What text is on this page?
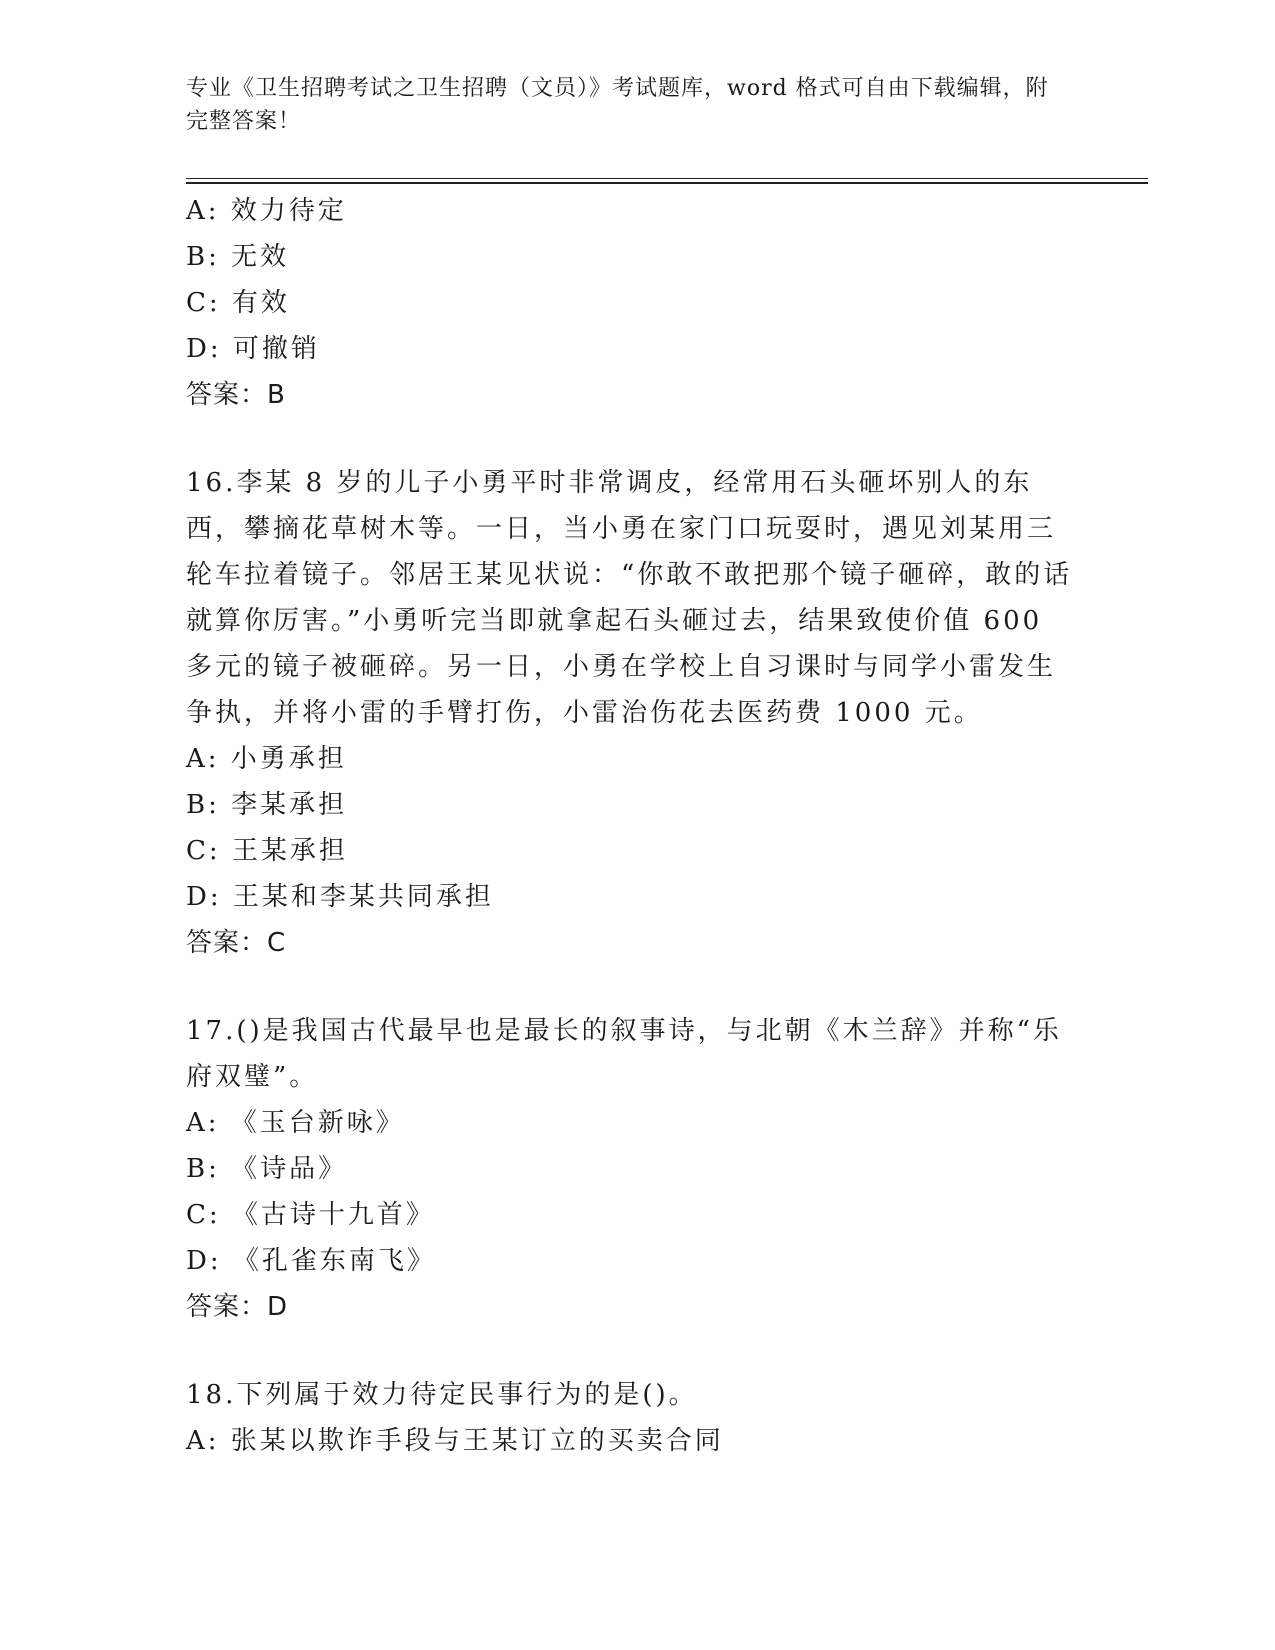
专业《卫生招聘考试之卫生招聘（文员）》考试题库，word 格式可自由下载编辑，附完整答案！
A: 效力待定
B: 无效
C: 有效
D: 可撤销
答案：B
16.李某 8 岁的儿子小勇平时非常调皮，经常用石头砸坏别人的东西，攀摘花草树木等。一日，当小勇在家门口玩耍时，遇见刘某用三轮车拉着镜子。邻居王某见状说：“你敢不敢把那个镜子砸碎，敢的话就算你厉害。”小勇听完当即就拿起石头砸过去，结果致使价值 600 多元的镜子被砸碎。另一日，小勇在学校上自习课时与同学小雷发生争执，并将小雷的手臂打伤，小雷治伤花去医药费 1000 元。
A: 小勇承担
B: 李某承担
C: 王某承担
D: 王某和李某共同承担
答案：C
17.()是我国古代最早也是最长的叙事诗，与北朝《木兰辞》并称“乐府双璧”。
A: 《玉台新咏》
B: 《诗品》
C: 《古诗十九首》
D: 《孔雀东南飞》
答案：D
18.下列属于效力待定民事行为的是()。
A: 张某以欺诈手段与王某订立的买卖合同
